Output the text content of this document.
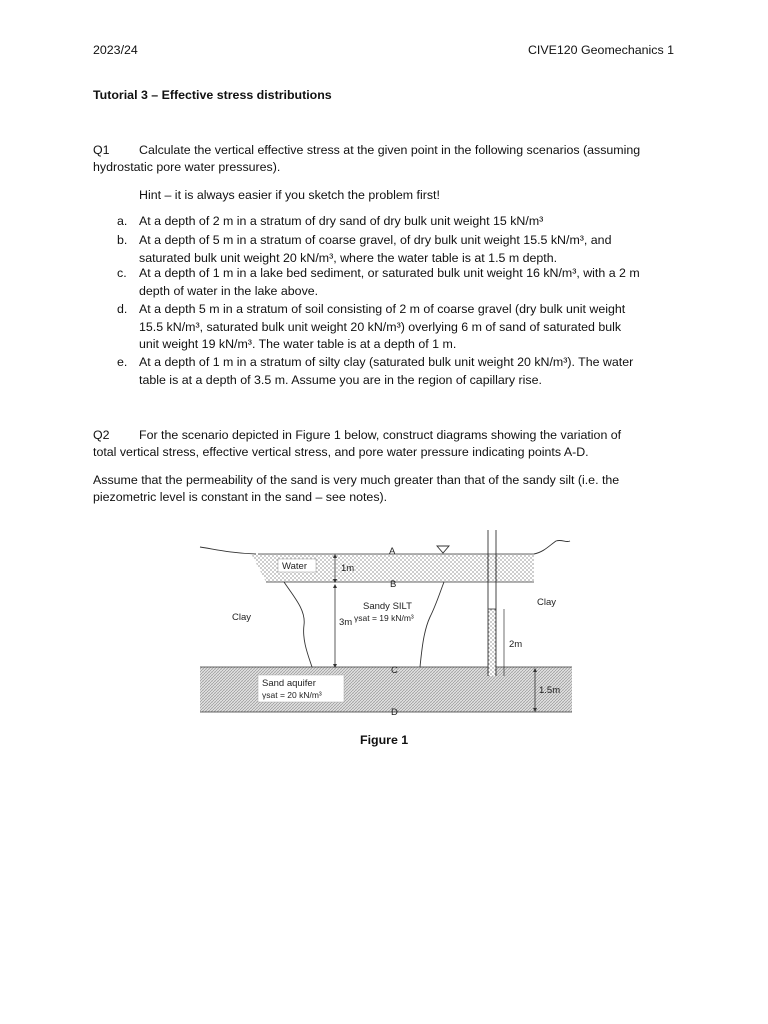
2023/24	CIVE120 Geomechanics 1
Tutorial 3 – Effective stress distributions
Q1 Calculate the vertical effective stress at the given point in the following scenarios (assuming
hydrostatic pore water pressures).
Hint – it is always easier if you sketch the problem first!
a. At a depth of 2 m in a stratum of dry sand of dry bulk unit weight 15 kN/m³
b. At a depth of 5 m in a stratum of coarse gravel, of dry bulk unit weight 15.5 kN/m³, and
saturated bulk unit weight 20 kN/m³, where the water table is at 1.5 m depth.
c. At a depth of 1 m in a lake bed sediment, or saturated bulk unit weight 16 kN/m³, with a 2 m
depth of water in the lake above.
d. At a depth 5 m in a stratum of soil consisting of 2 m of coarse gravel (dry bulk unit weight
15.5 kN/m³, saturated bulk unit weight 20 kN/m³) overlying 6 m of sand of saturated bulk
unit weight 19 kN/m³. The water table is at a depth of 1 m.
e. At a depth of 1 m in a stratum of silty clay (saturated bulk unit weight 20 kN/m³). The water
table is at a depth of 3.5 m. Assume you are in the region of capillary rise.
Q2 For the scenario depicted in Figure 1 below, construct diagrams showing the variation of
total vertical stress, effective vertical stress, and pore water pressure indicating points A-D.
Assume that the permeability of the sand is very much greater than that of the sandy silt (i.e. the
piezometric level is constant in the sand – see notes).
1m
3m
2m
1.5m
Water
Clay
Clay
Sandy SILT
γsat = 19 kN/m³
Sand aquifer
γsat = 20 kN/m³
A
B
C
D
Figure 1
